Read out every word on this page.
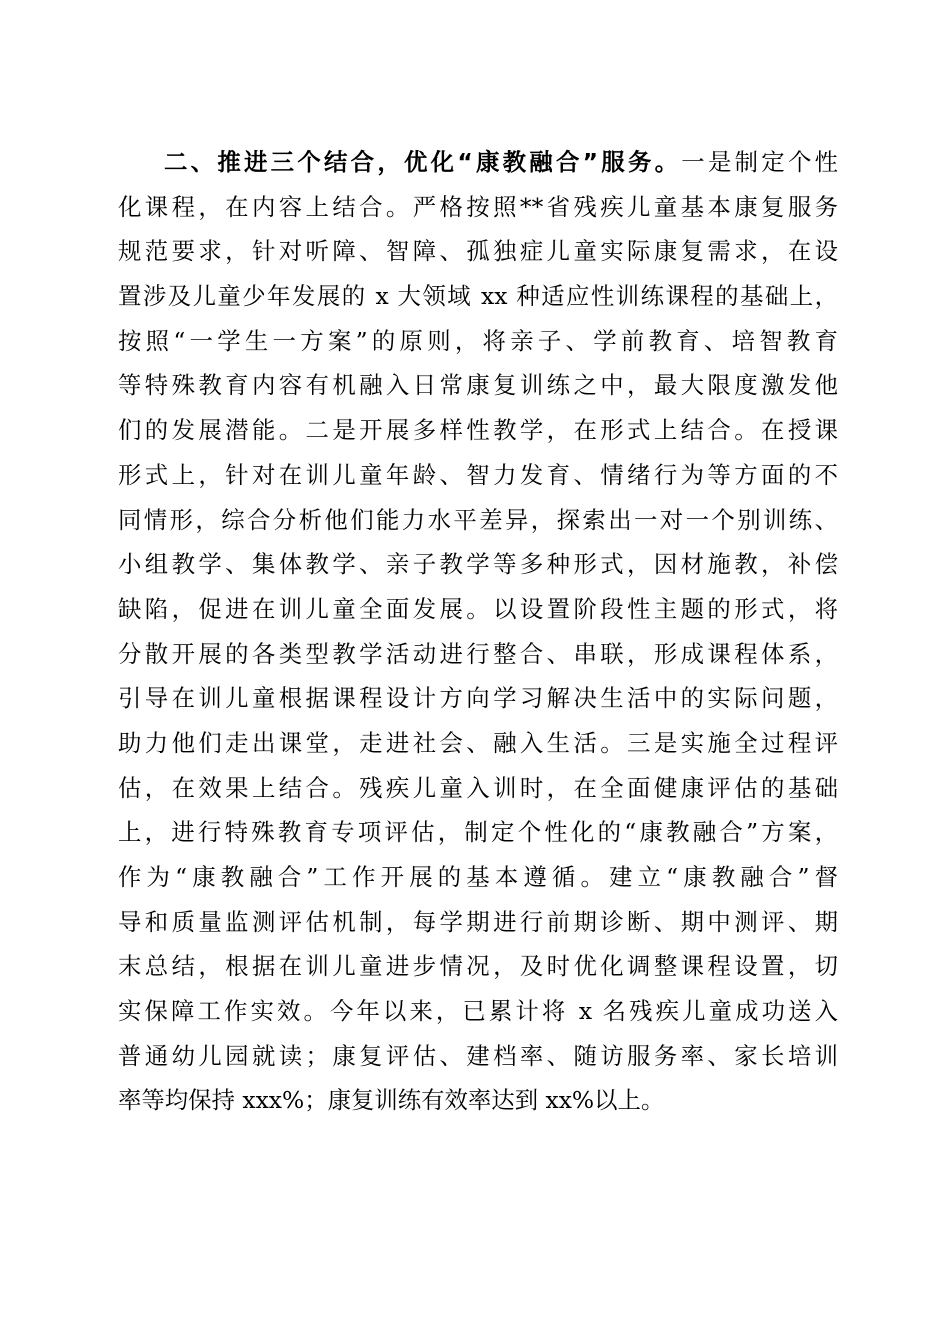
二、推进三个结合，优化“康教融合”服务。一是制定个性
化课程，在内容上结合。严格按照**省残疾儿童基本康复服务
规范要求，针对听障、智障、孤独症儿童实际康复需求，在设
置涉及儿童少年发展的 x 大领域 xx 种适应性训练课程的基础上，
按照“一学生一方案”的原则，将亲子、学前教育、培智教育
等特殊教育内容有机融入日常康复训练之中，最大限度激发他
们的发展潜能。二是开展多样性教学，在形式上结合。在授课
形式上，针对在训儿童年龄、智力发育、情绪行为等方面的不
同情形，综合分析他们能力水平差异，探索出一对一个别训练、
小组教学、集体教学、亲子教学等多种形式，因材施教，补偿
缺陷，促进在训儿童全面发展。以设置阶段性主题的形式，将
分散开展的各类型教学活动进行整合、串联，形成课程体系，
引导在训儿童根据课程设计方向学习解决生活中的实际问题，
助力他们走出课堂，走进社会、融入生活。三是实施全过程评
估，在效果上结合。残疾儿童入训时，在全面健康评估的基础
上，进行特殊教育专项评估，制定个性化的“康教融合”方案，
作为“康教融合”工作开展的基本遵循。建立“康教融合”督
导和质量监测评估机制，每学期进行前期诊断、期中测评、期
末总结，根据在训儿童进步情况，及时优化调整课程设置，切
实保障工作实效。今年以来，已累计将 x 名残疾儿童成功送入
普通幼儿园就读；康复评估、建档率、随访服务率、家长培训
率等均保持 xxx%；康复训练有效率达到 xx%以上。
